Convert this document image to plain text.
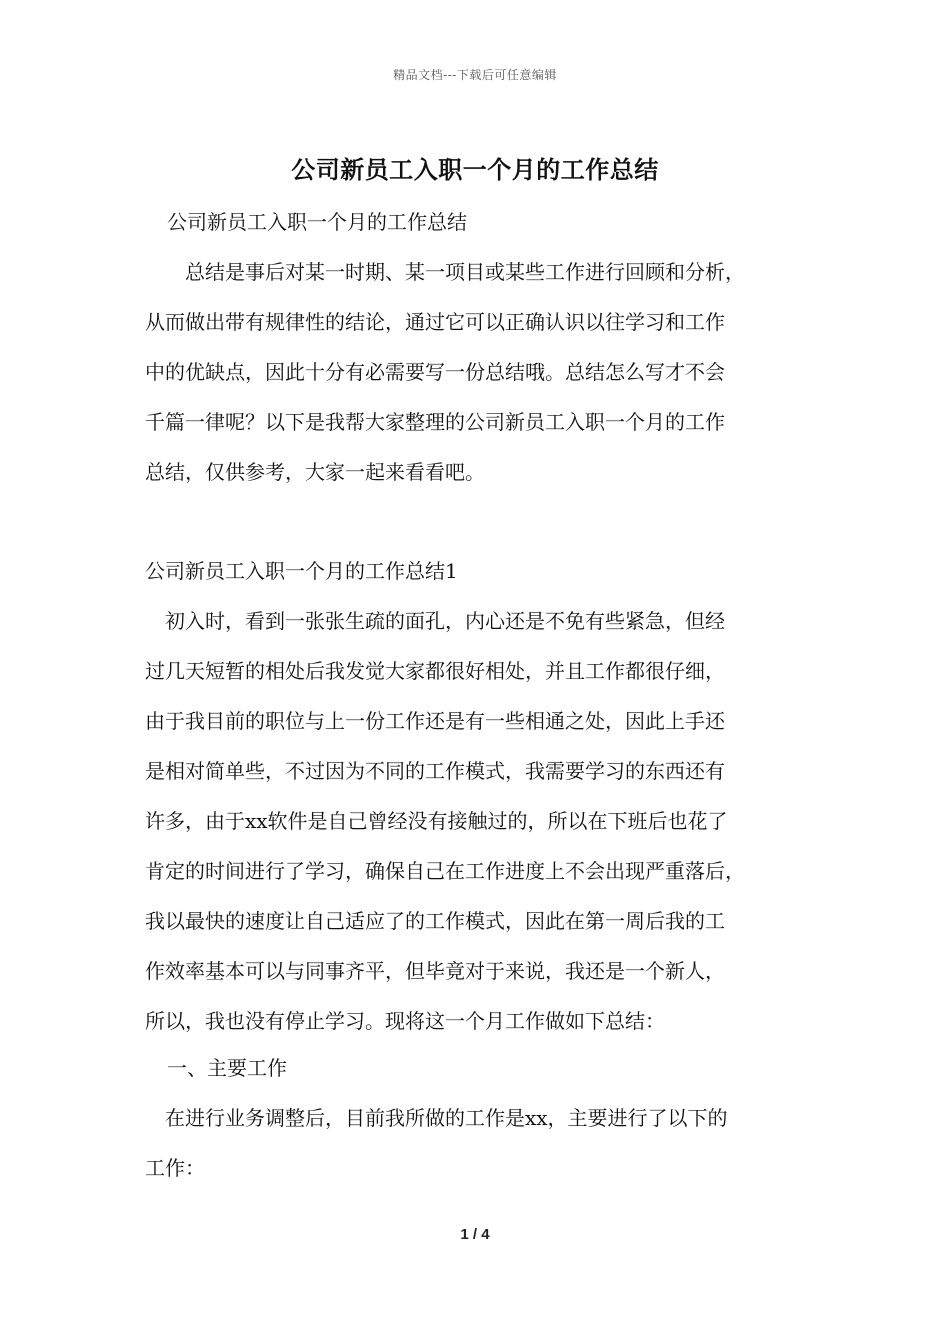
精品文档---下载后可任意编辑
公司新员工入职一个月的工作总结
公司新员工入职一个月的工作总结
　　总结是事后对某一时期、某一项目或某些工作进行回顾和分析，
从而做出带有规律性的结论，通过它可以正确认识以往学习和工作
中的优缺点，因此十分有必需要写一份总结哦。总结怎么写才不会
千篇一律呢？以下是我帮大家整理的公司新员工入职一个月的工作
总结，仅供参考，大家一起来看看吧。
公司新员工入职一个月的工作总结1
　初入时，看到一张张生疏的面孔，内心还是不免有些紧急，但经
过几天短暂的相处后我发觉大家都很好相处，并且工作都很仔细，
由于我目前的职位与上一份工作还是有一些相通之处，因此上手还
是相对简单些，不过因为不同的工作模式，我需要学习的东西还有
许多，由于xx软件是自己曾经没有接触过的，所以在下班后也花了
肯定的时间进行了学习，确保自己在工作进度上不会出现严重落后，
我以最快的速度让自己适应了的工作模式，因此在第一周后我的工
作效率基本可以与同事齐平，但毕竟对于来说，我还是一个新人，
所以，我也没有停止学习。现将这一个月工作做如下总结：
一、主要工作
　在进行业务调整后，目前我所做的工作是xx，主要进行了以下的
工作：
1 / 4
